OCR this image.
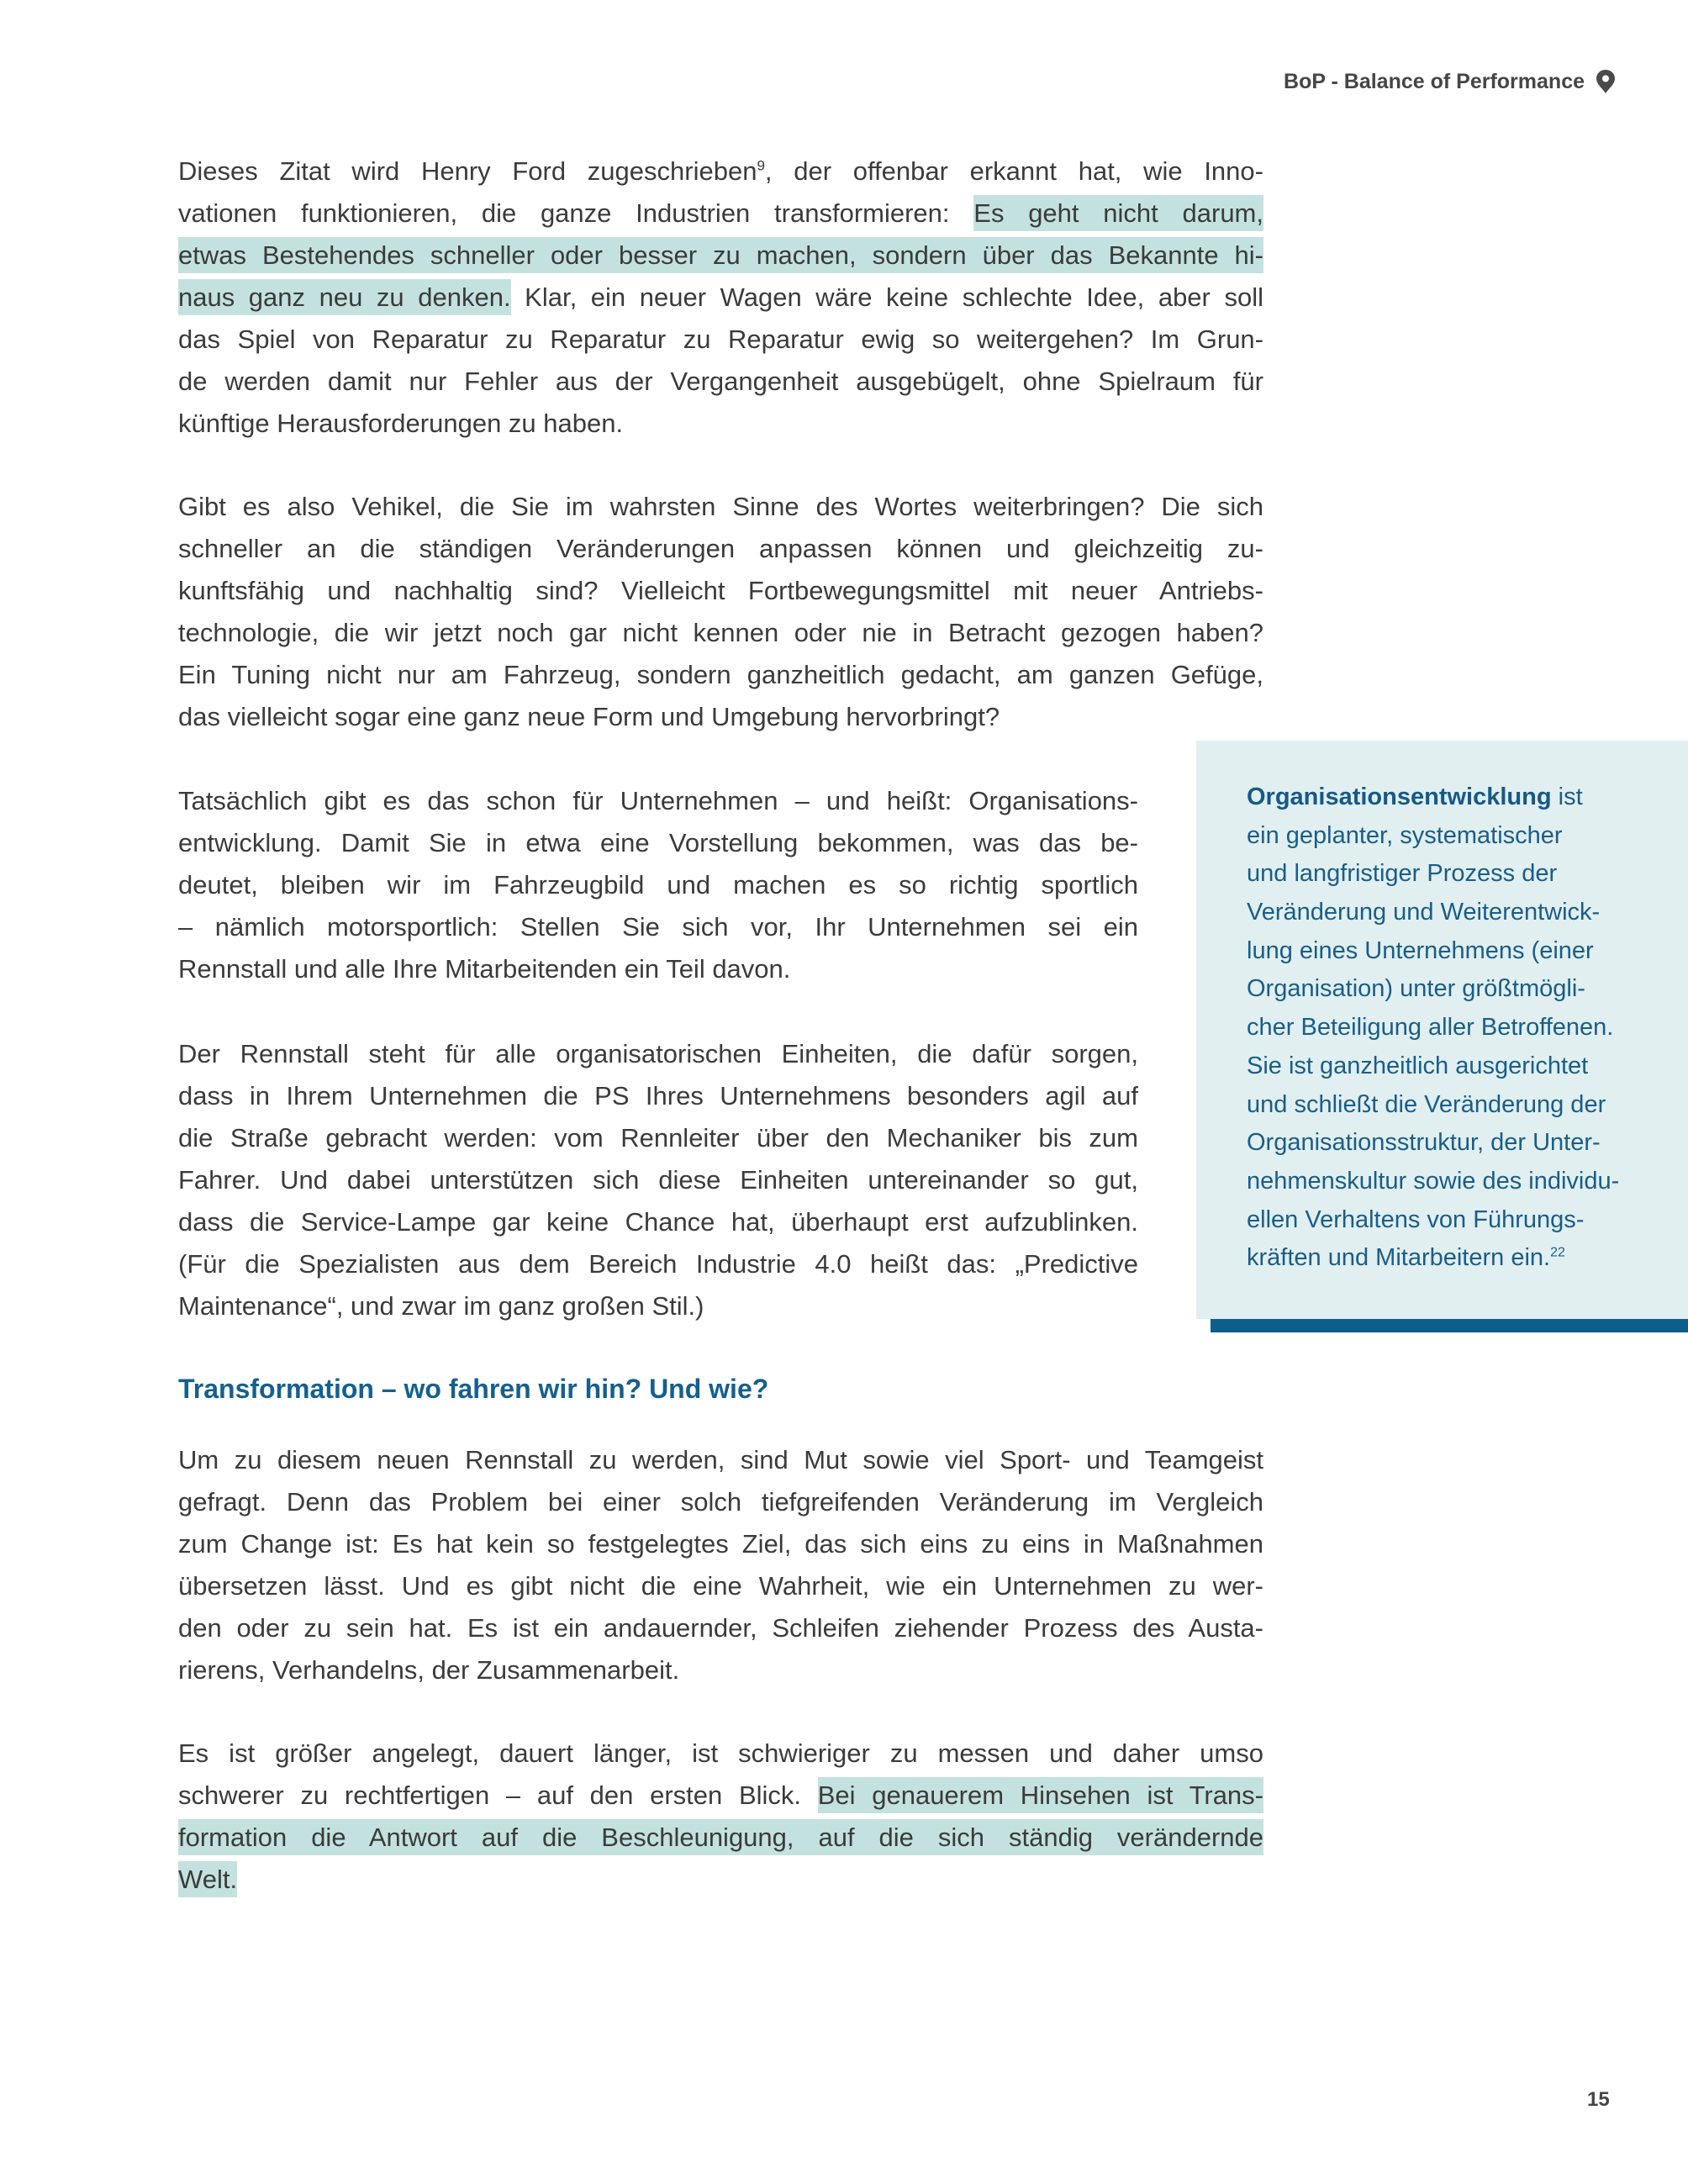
BoP - Balance of Performance
Dieses Zitat wird Henry Ford zugeschrieben$^9$, der offenbar erkannt hat, wie Inno-
vationen funktionieren, die ganze Industrien transformieren: Es geht nicht darum,
etwas Bestehendes schneller oder besser zu machen, sondern über das Bekannte hi-
naus ganz neu zu denken. Klar, ein neuer Wagen wäre keine schlechte Idee, aber soll
das Spiel von Reparatur zu Reparatur zu Reparatur ewig so weitergehen? Im Grun-
de werden damit nur Fehler aus der Vergangenheit ausgebügelt, ohne Spielraum für
künftige Herausforderungen zu haben.
Gibt es also Vehikel, die Sie im wahrsten Sinne des Wortes weiterbringen? Die sich
schneller an die ständigen Veränderungen anpassen können und gleichzeitig zu-
kunftsfähig und nachhaltig sind? Vielleicht Fortbewegungsmittel mit neuer Antriebs-
technologie, die wir jetzt noch gar nicht kennen oder nie in Betracht gezogen haben?
Ein Tuning nicht nur am Fahrzeug, sondern ganzheitlich gedacht, am ganzen Gefüge,
das vielleicht sogar eine ganz neue Form und Umgebung hervorbringt?
Tatsächlich gibt es das schon für Unternehmen – und heißt: Organisations-
entwicklung. Damit Sie in etwa eine Vorstellung bekommen, was das be-
deutet, bleiben wir im Fahrzeugbild und machen es so richtig sportlich
– nämlich motorsportlich: Stellen Sie sich vor, Ihr Unternehmen sei ein
Rennstall und alle Ihre Mitarbeitenden ein Teil davon.
Der Rennstall steht für alle organisatorischen Einheiten, die dafür sorgen,
dass in Ihrem Unternehmen die PS Ihres Unternehmens besonders agil auf
die Straße gebracht werden: vom Rennleiter über den Mechaniker bis zum
Fahrer. Und dabei unterstützen sich diese Einheiten untereinander so gut,
dass die Service-Lampe gar keine Chance hat, überhaupt erst aufzublinken.
(Für die Spezialisten aus dem Bereich Industrie 4.0 heißt das: „Predictive
Maintenance“, und zwar im ganz großen Stil.)
Transformation – wo fahren wir hin? Und wie?
Um zu diesem neuen Rennstall zu werden, sind Mut sowie viel Sport- und Teamgeist
gefragt. Denn das Problem bei einer solch tiefgreifenden Veränderung im Vergleich
zum Change ist: Es hat kein so festgelegtes Ziel, das sich eins zu eins in Maßnahmen
übersetzen lässt. Und es gibt nicht die eine Wahrheit, wie ein Unternehmen zu wer-
den oder zu sein hat. Es ist ein andauernder, Schleifen ziehender Prozess des Austa-
rierens, Verhandelns, der Zusammenarbeit.
Es ist größer angelegt, dauert länger, ist schwieriger zu messen und daher umso
schwerer zu rechtfertigen – auf den ersten Blick. Bei genauerem Hinsehen ist Trans-
formation die Antwort auf die Beschleunigung, auf die sich ständig verändernde
Welt.
Organisationsentwicklung ist
ein geplanter, systematischer
und langfristiger Prozess der
Veränderung und Weiterentwick-
lung eines Unternehmens (einer
Organisation) unter größtmögli-
cher Beteiligung aller Betroffenen.
Sie ist ganzheitlich ausgerichtet
und schließt die Veränderung der
Organisationsstruktur, der Unter-
nehmenskultur sowie des individu-
ellen Verhaltens von Führungs-
kräften und Mitarbeitern ein.$^{22}$
15
